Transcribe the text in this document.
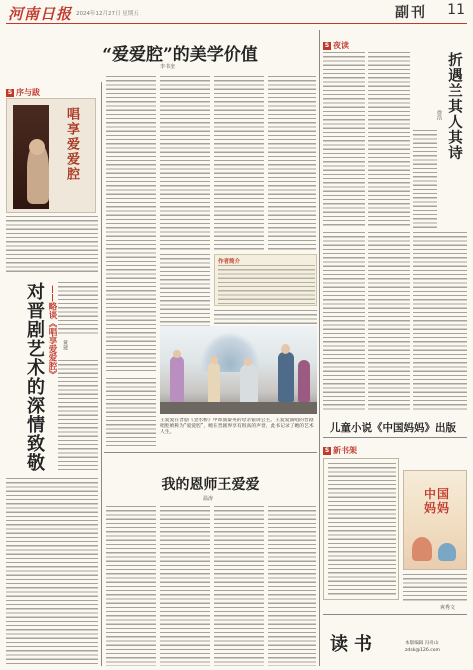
河南日报 2024年12月27日 星期五	副刊 11
“爱爱腔”的美学价值
李书奎
S 序与跋
唱享爱爱腔
对晋剧艺术的深情致敬 ——略谈《唱享爱爱腔》 黄建
作者简介
王爱爱在晋剧《金水桥》中饰演秦英的母亲银屏公主。王爱爱演唱的晋剧唱腔被称为“爱爱腔”，她在晋剧界享有很高的声誉，此书记录了她的艺术人生。
我的恩师王爱爱
温涛
S 夜读
折遇兰其人其诗
徐浩
儿童小说《中国妈妈》出版
S 新书架
中国妈妈
爽秀文
读书	本版编辑 冯舟山
zdsk@126.com
